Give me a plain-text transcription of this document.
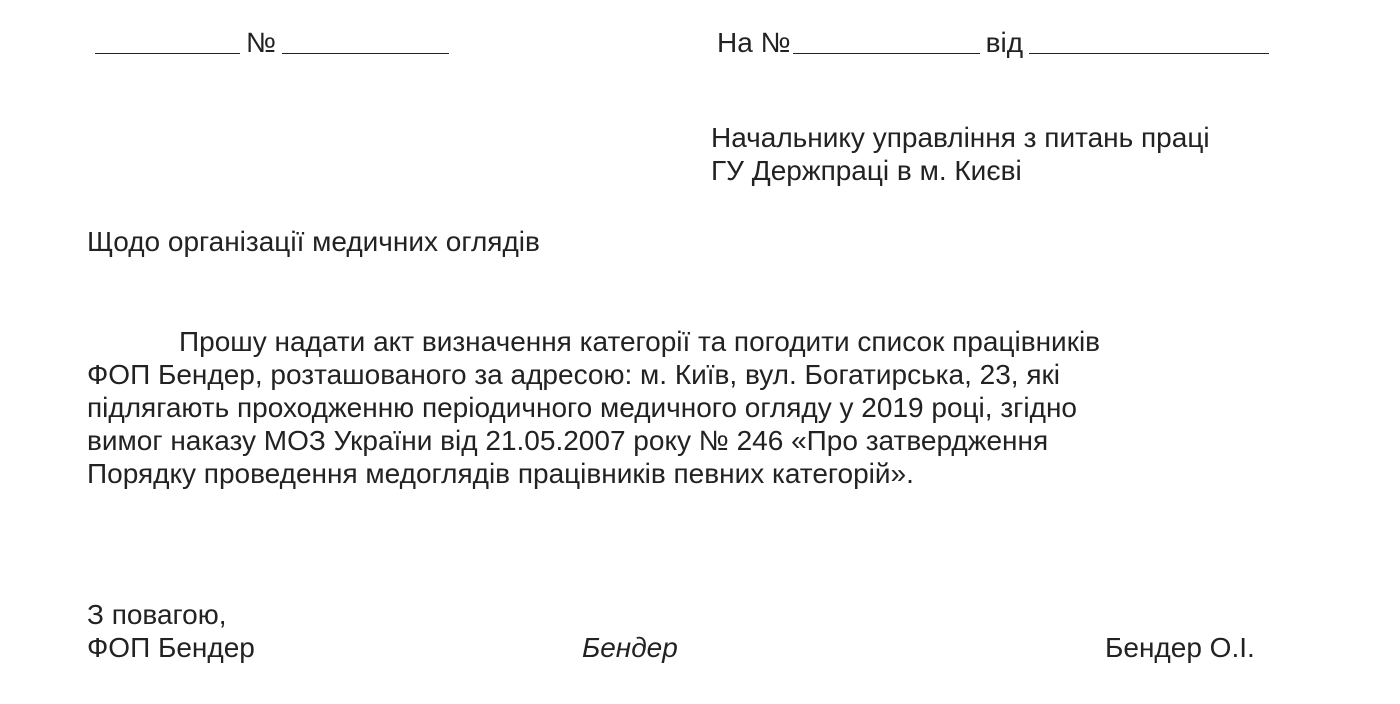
№	На №	від
Начальнику управління з питань праці
ГУ Держпраці в м. Києві
Щодо організації медичних оглядів
Прошу надати акт визначення категорії та погодити список працівників
ФОП Бендер, розташованого за адресою: м. Київ, вул. Богатирська, 23, які
підлягають проходженню періодичного медичного огляду у 2019 році, згідно
вимог наказу МОЗ України від 21.05.2007 року № 246 «Про затвердження
Порядку проведення медоглядів працівників певних категорій».
З повагою,
ФОП Бендер	Бендер	Бендер О.І.
